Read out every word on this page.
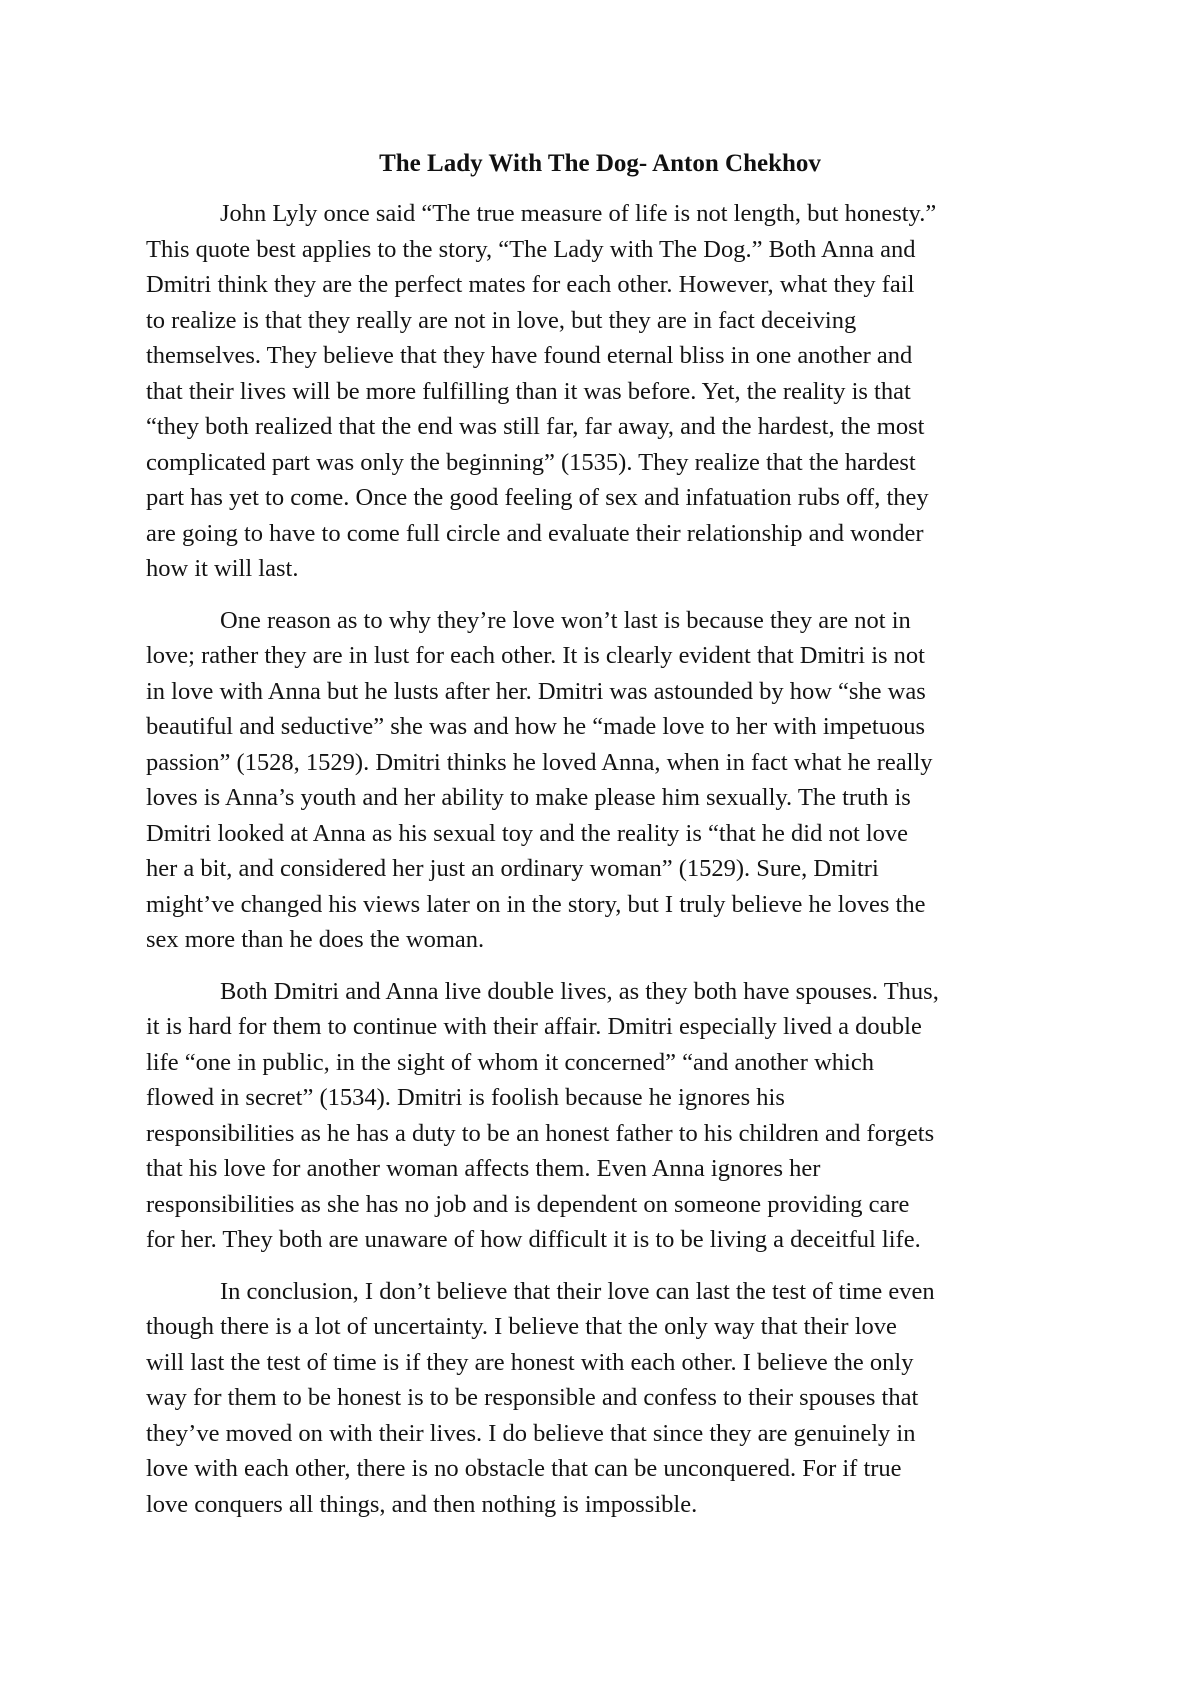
The Lady With The Dog- Anton Chekhov

John Lyly once said “The true measure of life is not length, but honesty.”
This quote best applies to the story, “The Lady with The Dog.” Both Anna and
Dmitri think they are the perfect mates for each other. However, what they fail
to realize is that they really are not in love, but they are in fact deceiving
themselves. They believe that they have found eternal bliss in one another and
that their lives will be more fulfilling than it was before. Yet, the reality is that
“they both realized that the end was still far, far away, and the hardest, the most
complicated part was only the beginning” (1535). They realize that the hardest
part has yet to come. Once the good feeling of sex and infatuation rubs off, they
are going to have to come full circle and evaluate their relationship and wonder
how it will last.

One reason as to why they’re love won’t last is because they are not in
love; rather they are in lust for each other. It is clearly evident that Dmitri is not
in love with Anna but he lusts after her. Dmitri was astounded by how “she was
beautiful and seductive” she was and how he “made love to her with impetuous
passion” (1528, 1529). Dmitri thinks he loved Anna, when in fact what he really
loves is Anna’s youth and her ability to make please him sexually. The truth is
Dmitri looked at Anna as his sexual toy and the reality is “that he did not love
her a bit, and considered her just an ordinary woman” (1529). Sure, Dmitri
might’ve changed his views later on in the story, but I truly believe he loves the
sex more than he does the woman.

Both Dmitri and Anna live double lives, as they both have spouses. Thus,
it is hard for them to continue with their affair. Dmitri especially lived a double
life “one in public, in the sight of whom it concerned” “and another which
flowed in secret” (1534). Dmitri is foolish because he ignores his
responsibilities as he has a duty to be an honest father to his children and forgets
that his love for another woman affects them. Even Anna ignores her
responsibilities as she has no job and is dependent on someone providing care
for her. They both are unaware of how difficult it is to be living a deceitful life.

In conclusion, I don’t believe that their love can last the test of time even
though there is a lot of uncertainty. I believe that the only way that their love
will last the test of time is if they are honest with each other. I believe the only
way for them to be honest is to be responsible and confess to their spouses that
they’ve moved on with their lives. I do believe that since they are genuinely in
love with each other, there is no obstacle that can be unconquered. For if true
love conquers all things, and then nothing is impossible.
